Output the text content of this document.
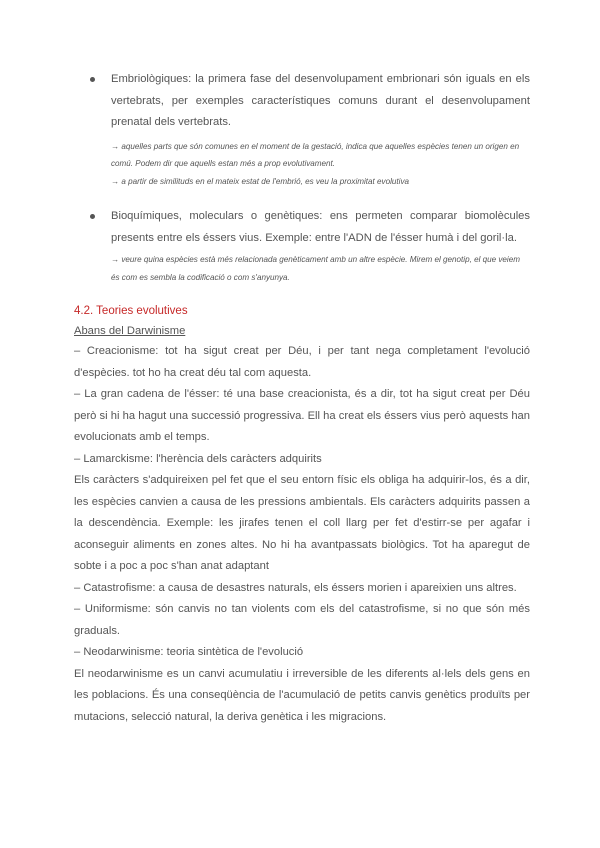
Embriològiques: la primera fase del desenvolupament embrionari són iguals en els vertebrats, per exemples característiques comuns durant el desenvolupament prenatal dels vertebrats.
→ aquelles parts que són comunes en el moment de la gestació, indica que aquelles espècies tenen un origen en comú. Podem dir que aquells estan més a prop evolutivament.
→ a partir de similituds en el mateix estat de l'embrió, es veu la proximitat evolutiva
Bioquímiques, moleculars o genètiques: ens permeten comparar biomolècules presents entre els éssers vius. Exemple: entre l'ADN de l'ésser humà i del goril·la.
→ veure quina espècies està més relacionada genèticament amb un altre espècie. Mirem el genotip, el que veiem és com es sembla la codificació o com s'anyunya.
4.2. Teories evolutives
Abans del Darwinisme

– Creacionisme: tot ha sigut creat per Déu, i per tant nega completament l'evolució d'espècies. tot ho ha creat déu tal com aquesta.

– La gran cadena de l'ésser: té una base creacionista, és a dir, tot ha sigut creat per Déu però si hi ha hagut una successió progressiva. Ell ha creat els éssers vius però aquests han evolucionats amb el temps.

– Lamarckisme: l'herència dels caràcters adquirits

Els caràcters s'adquireixen pel fet que el seu entorn físic els obliga ha adquirir-los, és a dir, les espècies canvien a causa de les pressions ambientals. Els caràcters adquirits passen a la descendència. Exemple: les jirafes tenen el coll llarg per fet d'estirr-se per agafar i aconseguir aliments en zones altes. No hi ha avantpassats biològics. Tot ha aparegut de sobte i a poc a poc s'han anat adaptant

– Catastrofisme: a causa de desastres naturals, els éssers morien i apareixien uns altres.

– Uniformisme: són canvis no tan violents com els del catastrofisme, si no que són més graduals.

– Neodarwinisme: teoria sintètica de l'evolució

El neodarwinisme es un canvi acumulatiu i irreversible de les diferents al·lels dels gens en les poblacions. És una conseqüència de l'acumulació de petits canvis genètics produïts per mutacions, selecció natural, la deriva genètica i les migracions.
